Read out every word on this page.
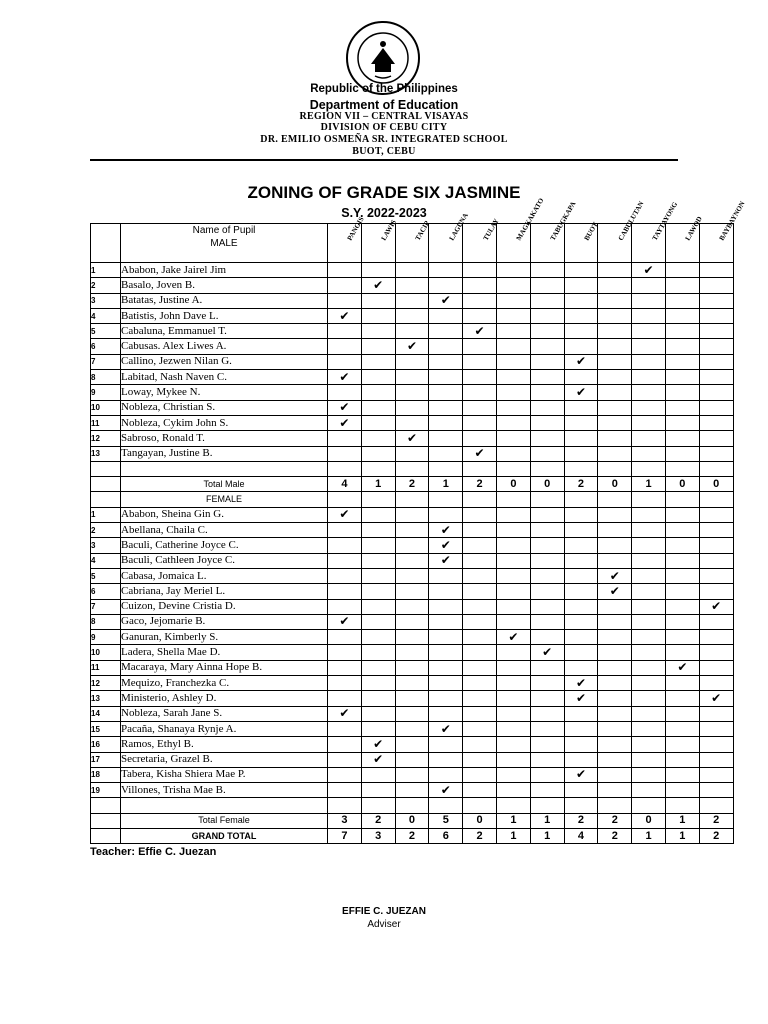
Republic of the Philippines
Department of Education
REGION VII – CENTRAL VISAYAS
DIVISION OF CEBU CITY
DR. EMILIO OSMEÑA SR. INTEGRATED SCHOOL
BUOT, CEBU
ZONING OF GRADE SIX JASMINE
S.Y. 2022-2023

	Name of Pupil
MALE	PANGIS	LAWIS	TACIP	LAGUNA	TULAY	MAGKAKATO	TABUGKAPA	BUOT	CABULUTAN	TAYTAYONG	LAWOD	BAYBAYNON

1	Ababon, Jake Jairel Jim										✔		
2	Basalo, Joven B.		✔										
3	Batatas, Justine A.				✔								
4	Batistis, John Dave L.	✔											
5	Cabaluna, Emmanuel T.					✔							
6	Cabusas. Alex Liwes A.			✔									
7	Callino, Jezwen Nilan G.								✔				
8	Labitad, Nash Naven C.	✔											
9	Loway, Mykee N.								✔				
10	Nobleza, Christian S.	✔											
11	Nobleza, Cykim John S.	✔											
12	Sabroso, Ronald T.			✔									
13	Tangayan, Justine B.					✔							

	Total Male	4	1	2	1	2	0	0	2	0	1	0	0
	FEMALE												
1	Ababon, Sheina Gin G.	✔											
2	Abellana, Chaila C.				✔								
3	Baculi, Catherine Joyce C.				✔								
4	Baculi, Cathleen Joyce C.				✔								
5	Cabasa, Jomaica L.									✔			
6	Cabriana, Jay Meriel L.									✔			
7	Cuizon, Devine Cristia D.												✔
8	Gaco, Jejomarie B.	✔											
9	Ganuran, Kimberly S.						✔						
10	Ladera, Shella Mae D.							✔					
11	Macaraya, Mary Ainna Hope B.											✔	
12	Mequizo, Franchezka C.								✔				
13	Ministerio, Ashley D.								✔				✔
14	Nobleza, Sarah Jane S.	✔											
15	Pacaña, Shanaya Rynje A.				✔								
16	Ramos, Ethyl B.		✔										
17	Secretaria, Grazel B.		✔										
18	Tabera, Kisha Shiera Mae P.								✔				
19	Villones, Trisha Mae B.				✔								

	Total Female	3	2	0	5	0	1	1	2	2	0	1	2
	GRAND TOTAL	7	3	2	6	2	1	1	4	2	1	1	2
Teacher: Effie C. Juezan
EFFIE C. JUEZAN
Adviser
